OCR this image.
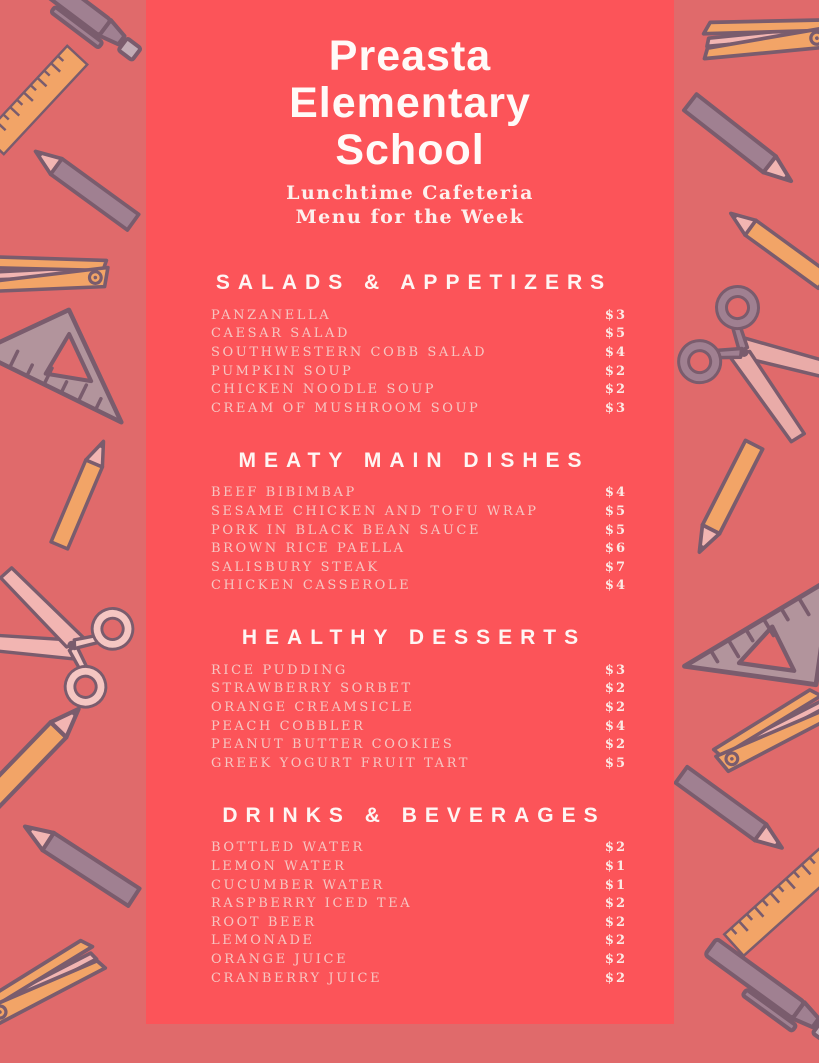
Preasta
Elementary
School
Lunchtime Cafeteria
Menu for the Week
SALADS & APPETIZERS
PANZANELLA	$3
CAESAR SALAD	$5
SOUTHWESTERN COBB SALAD	$4
PUMPKIN SOUP	$2
CHICKEN NOODLE SOUP	$2
CREAM OF MUSHROOM SOUP	$3
MEATY MAIN DISHES
BEEF BIBIMBAP	$4
SESAME CHICKEN AND TOFU WRAP	$5
PORK IN BLACK BEAN SAUCE	$5
BROWN RICE PAELLA	$6
SALISBURY STEAK	$7
CHICKEN CASSEROLE	$4
HEALTHY DESSERTS
RICE PUDDING	$3
STRAWBERRY SORBET	$2
ORANGE CREAMSICLE	$2
PEACH COBBLER	$4
PEANUT BUTTER COOKIES	$2
GREEK YOGURT FRUIT TART	$5
DRINKS & BEVERAGES
BOTTLED WATER	$2
LEMON WATER	$1
CUCUMBER WATER	$1
RASPBERRY ICED TEA	$2
ROOT BEER	$2
LEMONADE	$2
ORANGE JUICE	$2
CRANBERRY JUICE	$2
